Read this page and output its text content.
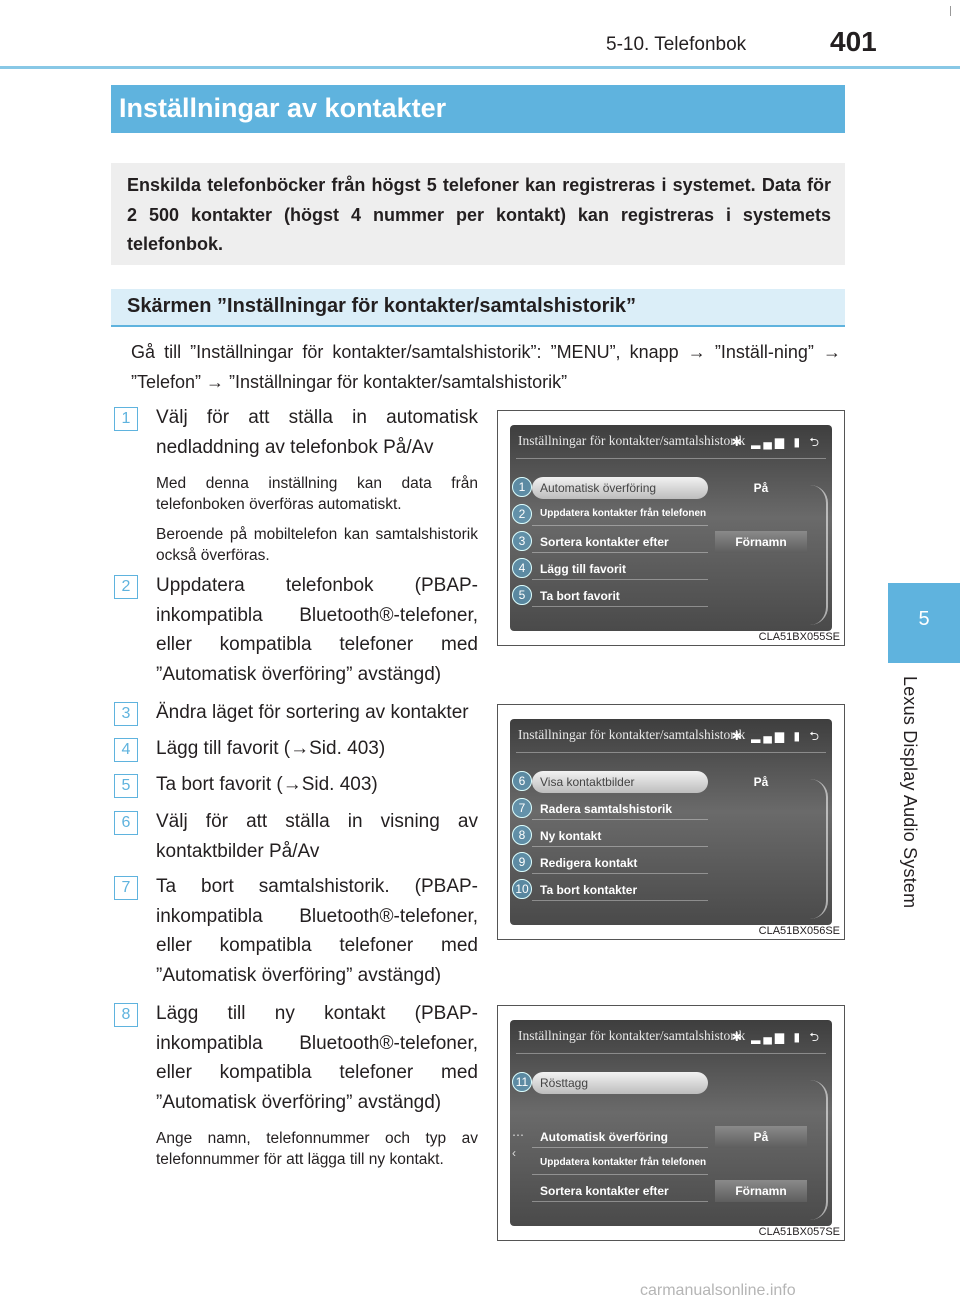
5-10. Telefonbok	401
5
Lexus Display Audio System
Inställningar av kontakter
Enskilda telefonböcker från högst 5 telefoner kan registreras i systemet. Data för 2 500 kontakter (högst 4 nummer per kontakt) kan registreras i systemets telefonbok.
Skärmen ”Inställningar för kontakter/samtalshistorik”
Gå till ”Inställningar för kontakter/samtalshistorik”: ”MENU”, knapp → ”Inställ-ning” → ”Telefon” → ”Inställningar för kontakter/samtalshistorik”
1	Välj för att ställa in automatisk nedladdning av telefonbok På/Av
Med denna inställning kan data från telefonboken överföras automatiskt.
Beroende på mobiltelefon kan samtalshistorik också överföras.
2	Uppdatera telefonbok (PBAP-inkompatibla Bluetooth®-telefoner, eller kompatibla telefoner med ”Automatisk överföring” avstängd)
3	Ändra läget för sortering av kontakter
4	Lägg till favorit (→Sid. 403)
5	Ta bort favorit (→Sid. 403)
6	Välj för att ställa in visning av kontaktbilder På/Av
7	Ta bort samtalshistorik. (PBAP-inkompatibla Bluetooth®-telefoner, eller kompatibla telefoner med ”Automatisk överföring” avstängd)
8	Lägg till ny kontakt (PBAP-inkompatibla Bluetooth®-telefoner, eller kompatibla telefoner med ”Automatisk överföring” avstängd)
Ange namn, telefonnummer och typ av telefonnummer för att lägga till ny kontakt.
Inställningar för kontakter/samtalshistorik
✱ ▂▄▆ ▮ ⮌
1	Automatisk överföring	På
2	Uppdatera kontakter från telefonen
3	Sortera kontakter efter	Förnamn
4	Lägg till favorit
5	Ta bort favorit
CLA51BX055SE
Inställningar för kontakter/samtalshistorik
✱ ▂▄▆ ▮ ⮌
6	Visa kontaktbilder	På
7	Radera samtalshistorik
8	Ny kontakt
9	Redigera kontakt
10 Ta bort kontakter
CLA51BX056SE
Inställningar för kontakter/samtalshistorik
✱ ▂▄▆ ▮ ⮌
⋯
‹
11 Rösttagg
Automatisk överföring	På
Uppdatera kontakter från telefonen
Sortera kontakter efter	Förnamn
CLA51BX057SE
carmanualsonline.info
